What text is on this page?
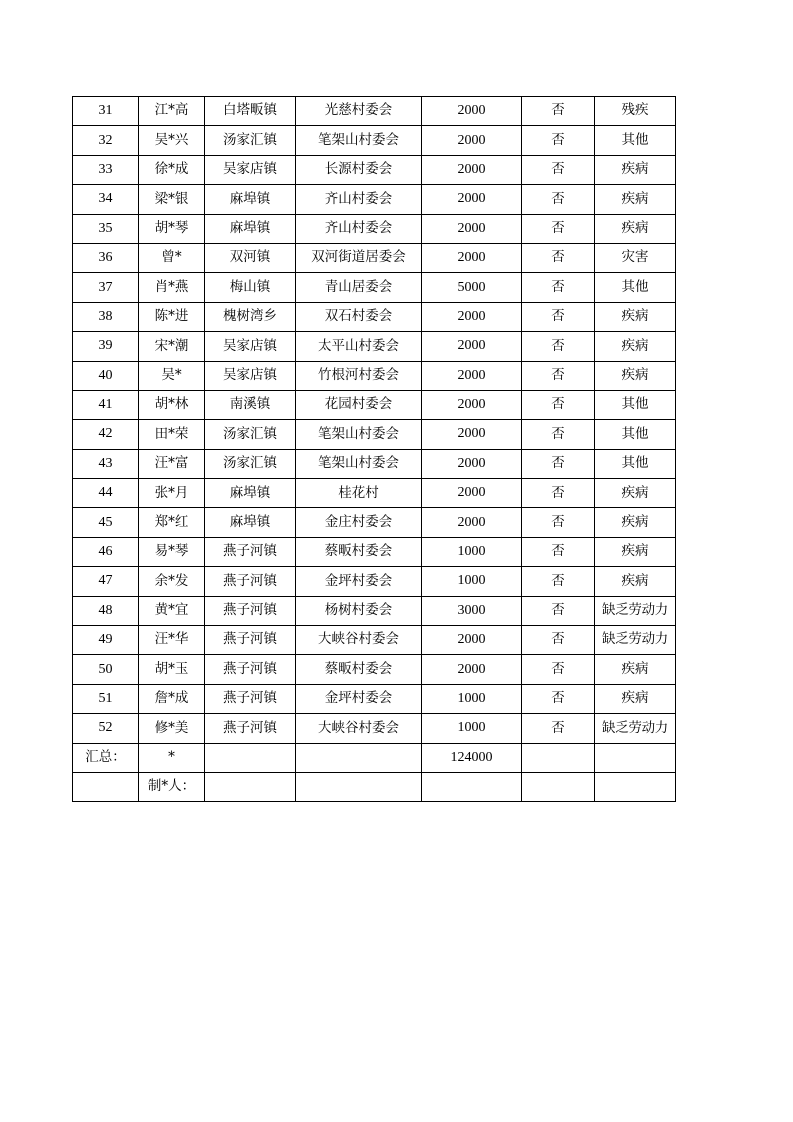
31	江*高	白塔畈镇	光慈村委会	2000	否	残疾
32	吴*兴	汤家汇镇	笔架山村委会	2000	否	其他
33	徐*成	吴家店镇	长源村委会	2000	否	疾病
34	梁*银	麻埠镇	齐山村委会	2000	否	疾病
35	胡*琴	麻埠镇	齐山村委会	2000	否	疾病
36	曾*	双河镇	双河街道居委会	2000	否	灾害
37	肖*燕	梅山镇	青山居委会	5000	否	其他
38	陈*进	槐树湾乡	双石村委会	2000	否	疾病
39	宋*潮	吴家店镇	太平山村委会	2000	否	疾病
40	吴*	吴家店镇	竹根河村委会	2000	否	疾病
41	胡*林	南溪镇	花园村委会	2000	否	其他
42	田*荣	汤家汇镇	笔架山村委会	2000	否	其他
43	汪*富	汤家汇镇	笔架山村委会	2000	否	其他
44	张*月	麻埠镇	桂花村	2000	否	疾病
45	郑*红	麻埠镇	金庄村委会	2000	否	疾病
46	易*琴	燕子河镇	蔡畈村委会	1000	否	疾病
47	余*发	燕子河镇	金坪村委会	1000	否	疾病
48	黄*宜	燕子河镇	杨树村委会	3000	否	缺乏劳动力
49	汪*华	燕子河镇	大峡谷村委会	2000	否	缺乏劳动力
50	胡*玉	燕子河镇	蔡畈村委会	2000	否	疾病
51	詹*成	燕子河镇	金坪村委会	1000	否	疾病
52	修*美	燕子河镇	大峡谷村委会	1000	否	缺乏劳动力
汇总：	*			124000		
	制*人：					
